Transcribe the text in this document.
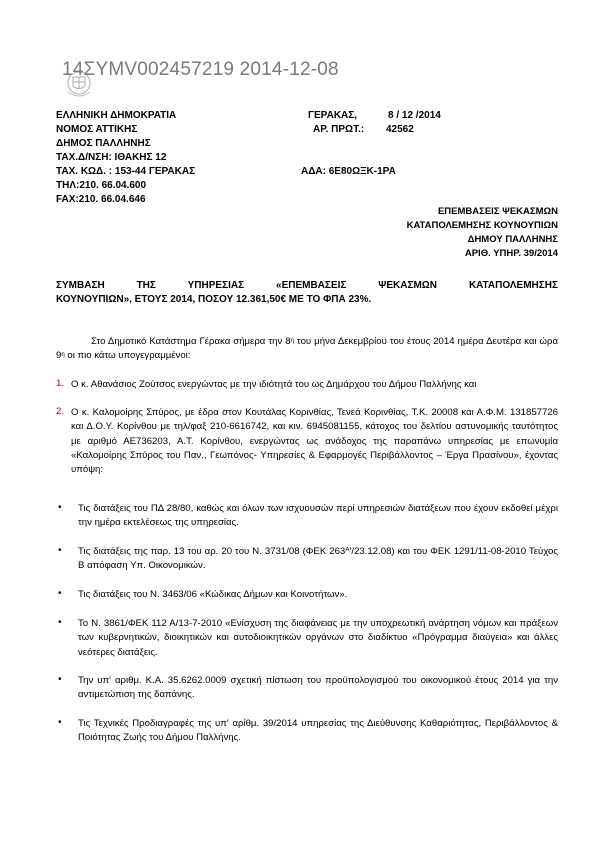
14ΣΥΜV002457219 2014-12-08
ΕΛΛΗΝΙΚΗ ΔΗΜΟΚΡΑΤΙΑ
ΝΟΜΟΣ ΑΤΤΙΚΗΣ
ΔΗΜΟΣ ΠΑΛΛΗΝΗΣ
ΤΑΧ.Δ/ΝΣΗ: ΙΘΑΚΗΣ 12
ΤΑΧ. ΚΩΔ. : 153-44 ΓΕΡΑΚΑΣ
ΤΗΛ:210. 66.04.600
FAX:210. 66.04.646
ΓΕΡΑΚΑΣ,	8 / 12 /2014
ΑΡ. ΠΡΩΤ.: 42562
ΑΔΑ: 6Ε80ΩΞΚ-1ΡΑ
ΕΠΕΜΒΑΣΕΙΣ ΨΕΚΑΣΜΩΝ
ΚΑΤΑΠΟΛΕΜΗΣΗΣ ΚΟΥΝΟΥΠΙΩΝ
ΔΗΜΟΥ ΠΑΛΛΗΝΗΣ
ΑΡΙΘ. ΥΠΗΡ. 39/2014
ΣΥΜΒΑΣΗ ΤΗΣ ΥΠΗΡΕΣΙΑΣ «ΕΠΕΜΒΑΣΕΙΣ ΨΕΚΑΣΜΩΝ ΚΑΤΑΠΟΛΕΜΗΣΗΣ
ΚΟΥΝΟΥΠΙΩΝ», ΕΤΟΥΣ 2014, ΠΟΣΟΥ 12.361,50€ ΜΕ ΤΟ ΦΠΑ 23%.
Στο Δημοτικό Κατάστημα Γέρακα σήμερα την $8^\eta$ του μήνα Δεκεμβρίου του έτους 2014 ημέρα Δευτέρα και ώρα $9^\eta$ οι πιο κάτω υπογεγραμμένοι:
1. Ο κ. Αθανάσιος Ζούτσος ενεργώντας με την ιδιότητά του ως Δημάρχου του Δήμου Παλλήνης και
2. Ο κ. Καλομοίρης Σπύρος, με έδρα στον Κουτάλας Κορινθίας, Τενεά Κορινθίας, Τ.Κ. 20008 και Α.Φ.Μ. 131857726 και Δ.Ο.Υ. Κορίνθου με τηλ/φαξ 210-6616742, και κιν. 6945081155, κάτοχος του δελτίου αστυνομικής ταυτότητος με αριθμό ΑΕ736203, Α.Τ. Κορίνθου, ενεργώντας ως ανάδοχος της παραπάνω υπηρεσίας με επωνυμία «Καλομοίρης Σπύρος του Παν., Γεωπόνος- Υπηρεσίες & Εφαρμογές Περιβάλλοντος – Έργα Πρασίνου», έχοντας υπόψη:
• Τις διατάξεις του ΠΔ 28/80, καθώς και όλων των ισχυουσών περί υπηρεσιών διατάξεων που έχουν εκδοθεί μέχρι την ημέρα εκτελέσεως της υπηρεσίας.
• Τις διατάξεις της παρ. 13 του αρ. 20 του Ν. 3731/08 (ΦΕΚ 263ᴬ'/23.12.08) και του ΦΕΚ 1291/11-08-2010 Τεύχος Β απόφαση Υπ. Οικονομικών.
• Τις διατάξεις του Ν. 3463/06 «Κώδικας Δήμων και Κοινοτήτων».
• Το Ν. 3861/ΦΕΚ 112 Α/13-7-2010 «Ενίσχυση της διαφάνειας με την υποχρεωτική ανάρτηση νόμων και πράξεων των κυβερνητικών, διοικητικών και αυτοδιοικητικών οργάνων στο διαδίκτυο «Πρόγραμμα διαύγεια» και άλλες νεότερες διατάξεις.
• Την υπ' αριθμ. Κ.Α. 35.6262.0009 σχετική πίστωση του προϋπολογισμού του οικονομικού έτους 2014 για την αντιμετώπιση της δαπάνης.
• Τις Τεχνικές Προδιαγραφές της υπ' αρίθμ. 39/2014 υπηρεσίας της Διεύθυνσης Καθαριότητας, Περιβάλλοντος & Ποιότητας Ζωής του Δήμου Παλλήνης.
